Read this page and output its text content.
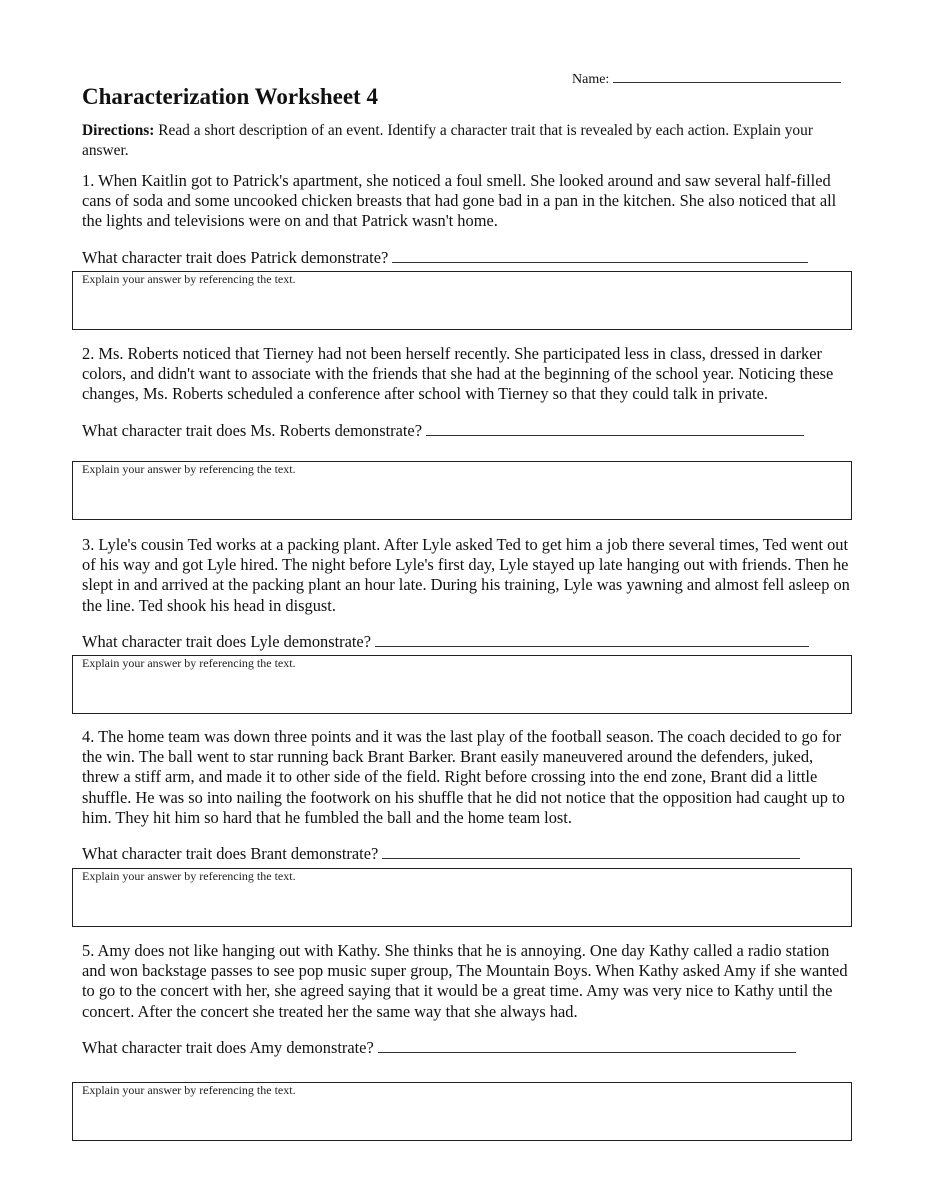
Name:
Characterization Worksheet 4
Directions: Read a short description of an event. Identify a character trait that is revealed by each action. Explain your answer.

1. When Kaitlin got to Patrick's apartment, she noticed a foul smell. She looked around and saw several half-filled cans of soda and some uncooked chicken breasts that had gone bad in a pan in the kitchen. She also noticed that all the lights and televisions were on and that Patrick wasn't home.

What character trait does Patrick demonstrate?
Explain your answer by referencing the text.

2. Ms. Roberts noticed that Tierney had not been herself recently. She participated less in class, dressed in darker colors, and didn't want to associate with the friends that she had at the beginning of the school year. Noticing these changes, Ms. Roberts scheduled a conference after school with Tierney so that they could talk in private.

What character trait does Ms. Roberts demonstrate?
Explain your answer by referencing the text.

3. Lyle's cousin Ted works at a packing plant. After Lyle asked Ted to get him a job there several times, Ted went out of his way and got Lyle hired. The night before Lyle's first day, Lyle stayed up late hanging out with friends. Then he slept in and arrived at the packing plant an hour late. During his training, Lyle was yawning and almost fell asleep on the line. Ted shook his head in disgust.

What character trait does Lyle demonstrate?
Explain your answer by referencing the text.

4. The home team was down three points and it was the last play of the football season. The coach decided to go for the win. The ball went to star running back Brant Barker. Brant easily maneuvered around the defenders, juked, threw a stiff arm, and made it to other side of the field. Right before crossing into the end zone, Brant did a little shuffle. He was so into nailing the footwork on his shuffle that he did not notice that the opposition had caught up to him. They hit him so hard that he fumbled the ball and the home team lost.

What character trait does Brant demonstrate?
Explain your answer by referencing the text.

5. Amy does not like hanging out with Kathy. She thinks that he is annoying. One day Kathy called a radio station and won backstage passes to see pop music super group, The Mountain Boys. When Kathy asked Amy if she wanted to go to the concert with her, she agreed saying that it would be a great time. Amy was very nice to Kathy until the concert. After the concert she treated her the same way that she always had.

What character trait does Amy demonstrate?
Explain your answer by referencing the text.
